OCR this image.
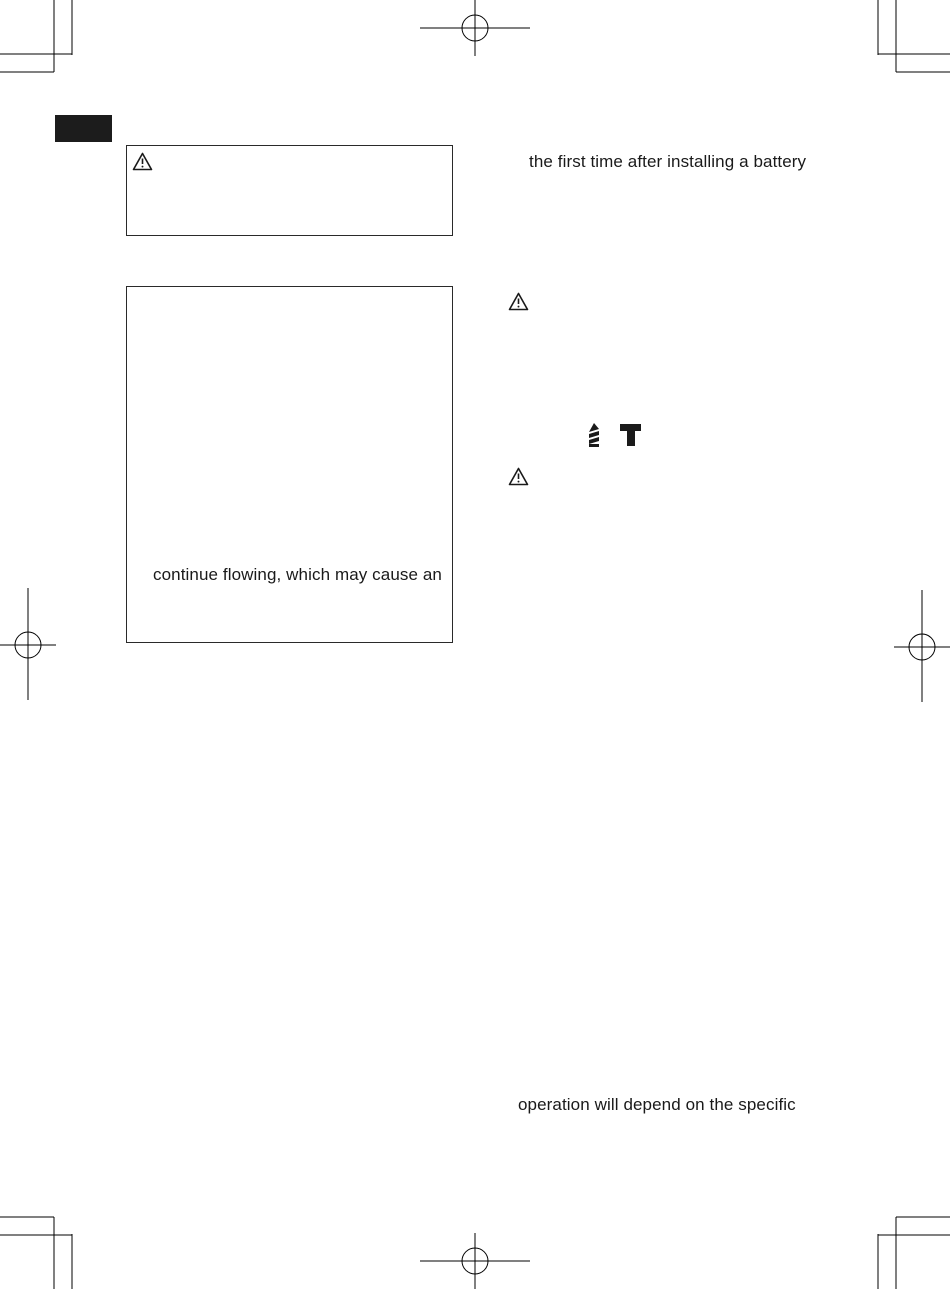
continue flowing, which may cause an
the first time after installing a battery
operation will depend on the specific
